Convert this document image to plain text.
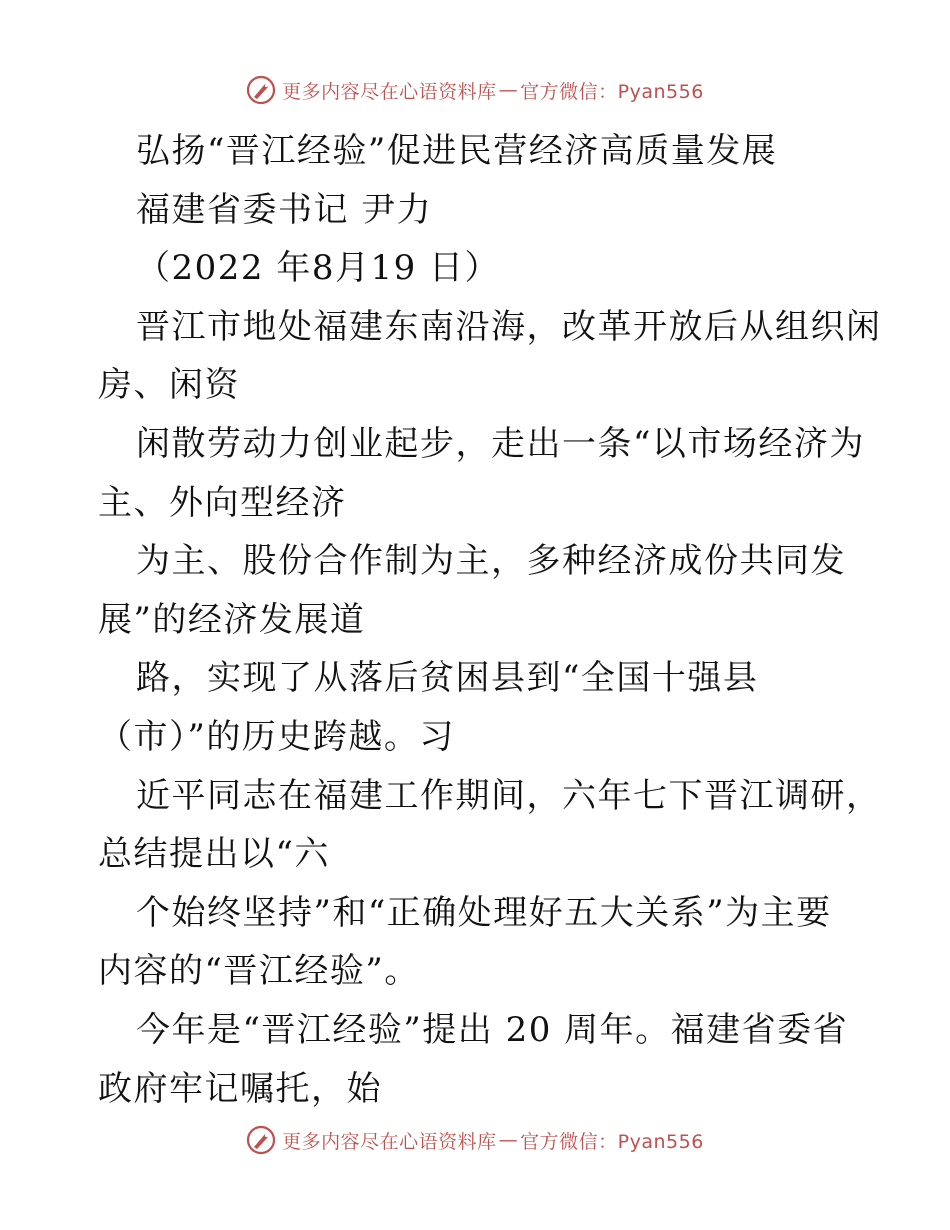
更多内容尽在心语资料库 — 官方微信：Pyan556
弘扬“晋江经验”促进民营经济高质量发展
福建省委书记 尹力
（2022 年8月19 日）
晋江市地处福建东南沿海，改革开放后从组织闲
房、闲资
闲散劳动力创业起步，走出一条“以市场经济为
主、外向型经济
为主、股份合作制为主，多种经济成份共同发
展”的经济发展道
路，实现了从落后贫困县到“全国十强县
（市）”的历史跨越。习
近平同志在福建工作期间，六年七下晋江调研，
总结提出以“六
个始终坚持”和“正确处理好五大关系”为主要
内容的“晋江经验”。
今年是“晋江经验”提出 20 周年。福建省委省
政府牢记嘱托，始
更多内容尽在心语资料库 — 官方微信：Pyan556
